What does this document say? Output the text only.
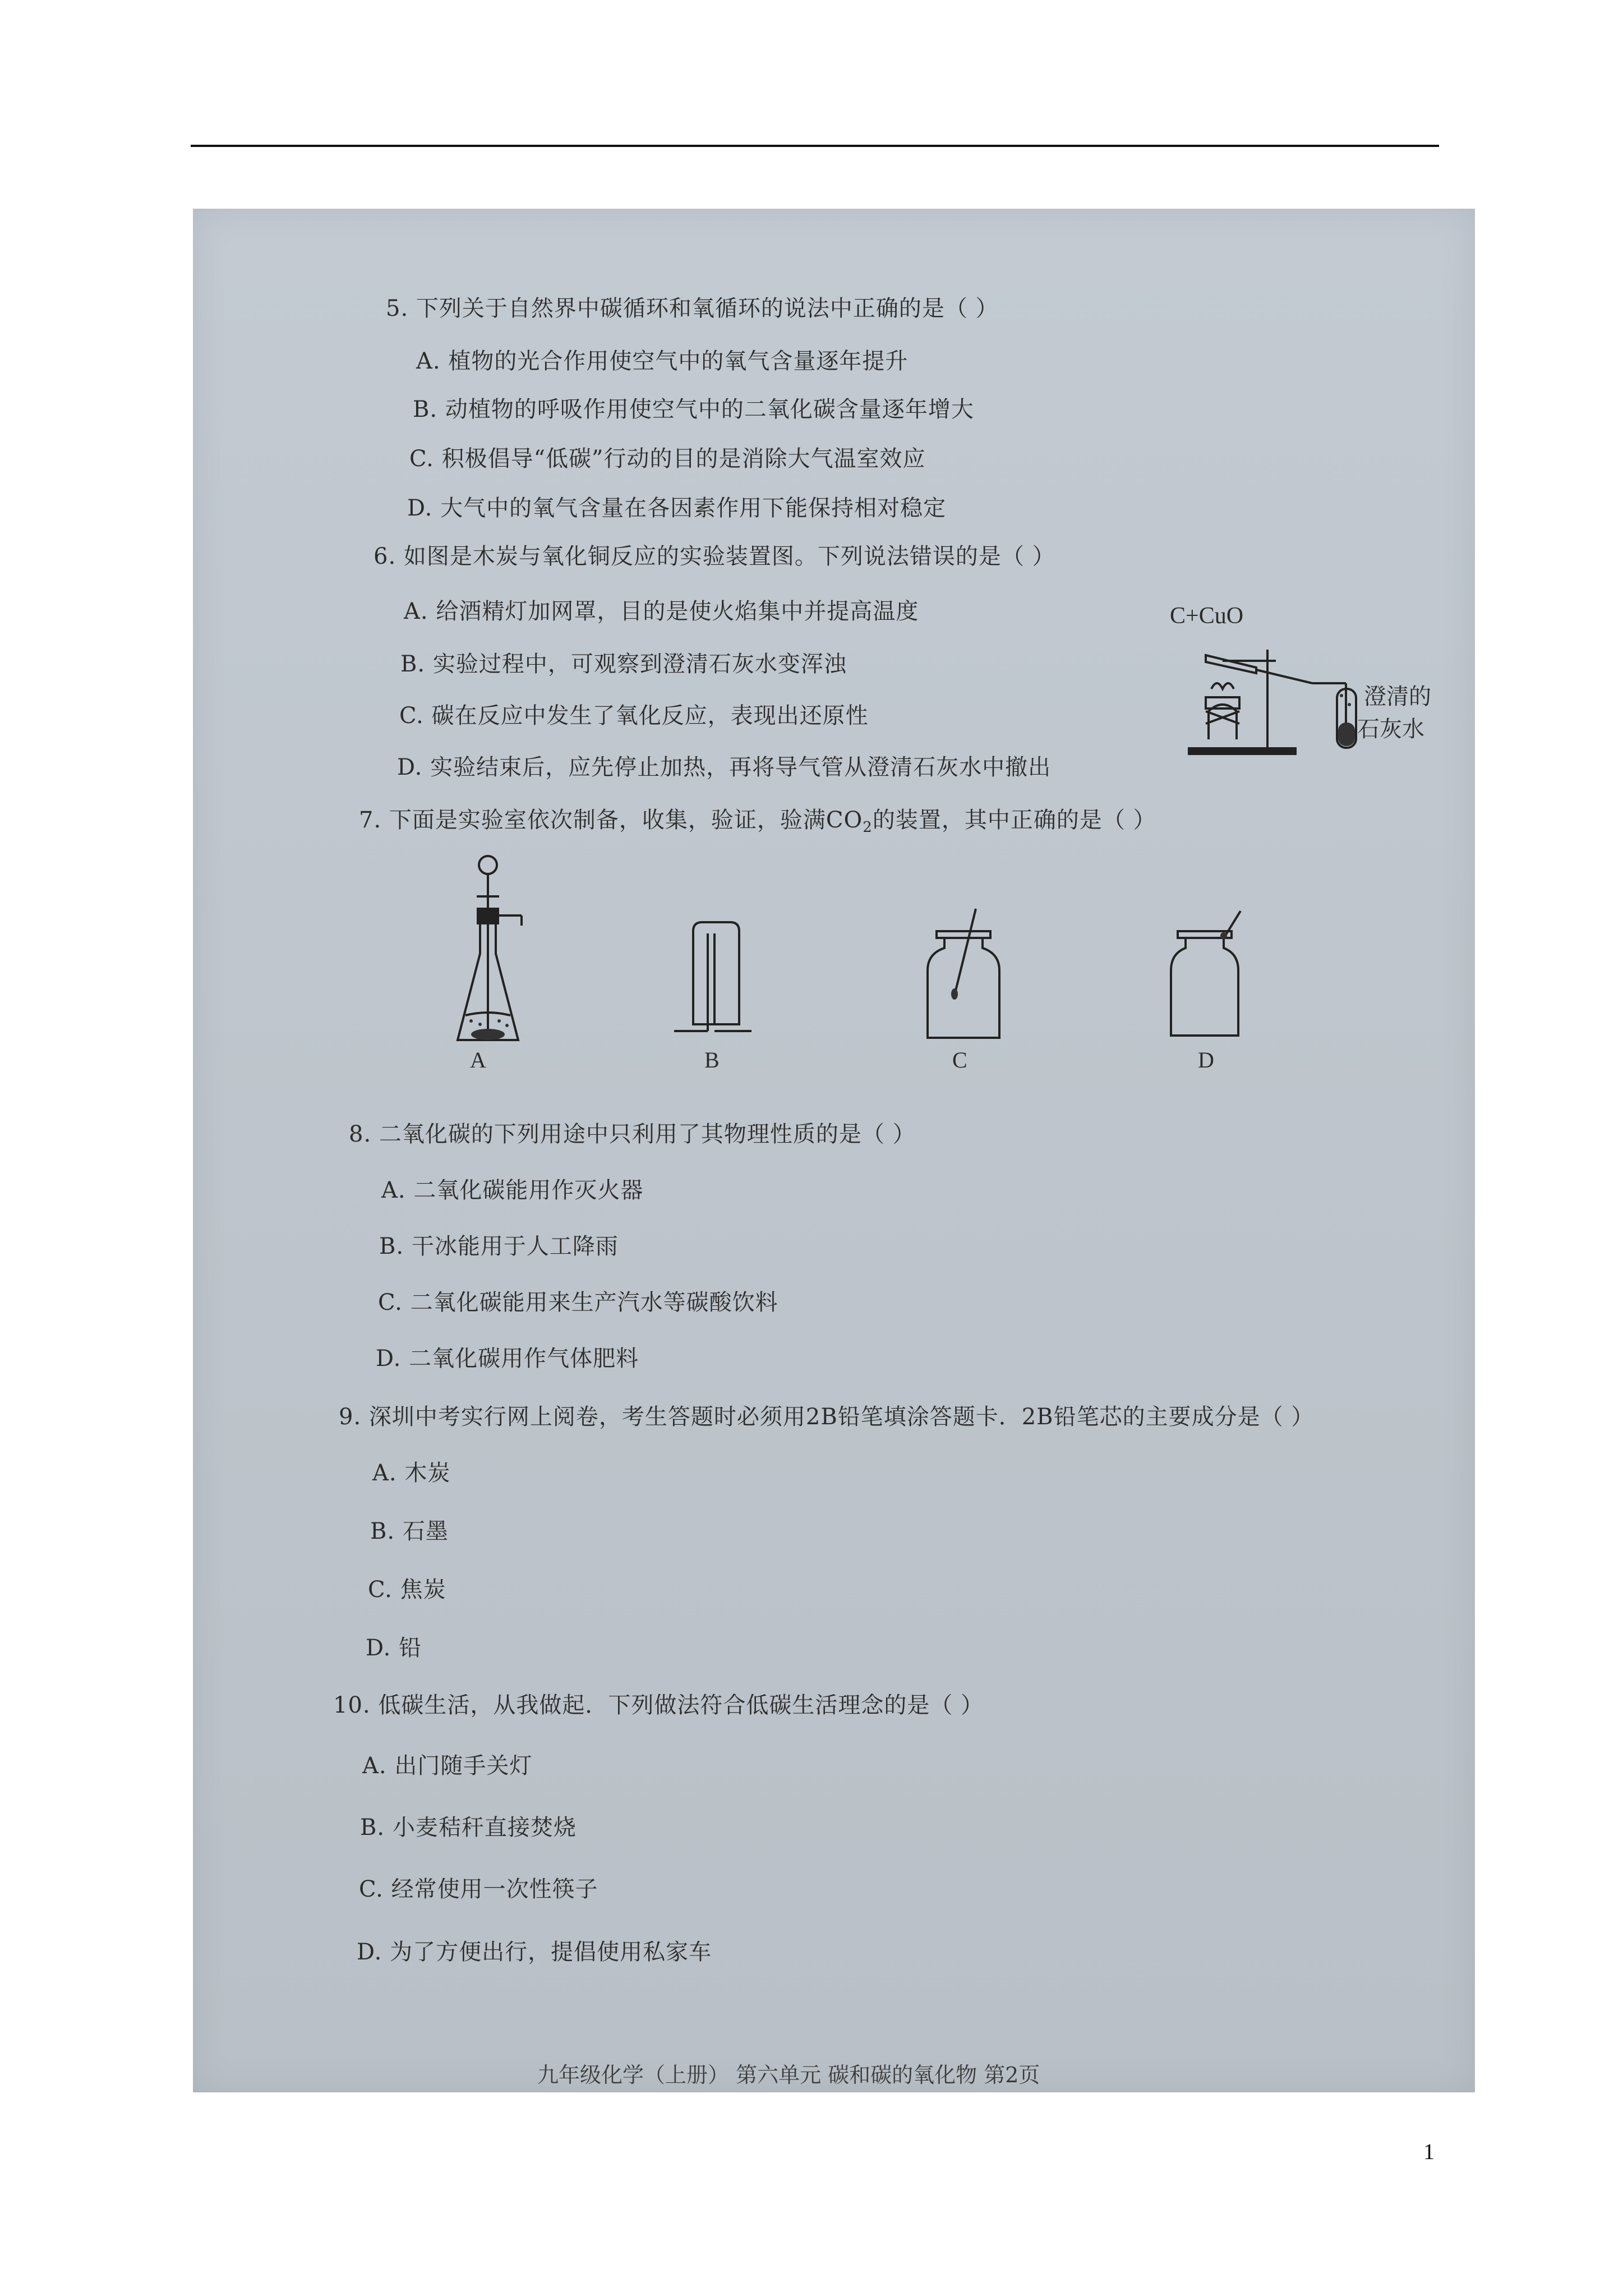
5. 下列关于自然界中碳循环和氧循环的说法中正确的是（ ）
A. 植物的光合作用使空气中的氧气含量逐年提升
B. 动植物的呼吸作用使空气中的二氧化碳含量逐年增大
C. 积极倡导“低碳”行动的目的是消除大气温室效应
D. 大气中的氧气含量在各因素作用下能保持相对稳定
6. 如图是木炭与氧化铜反应的实验装置图。下列说法错误的是（ ）
A. 给酒精灯加网罩，目的是使火焰集中并提高温度
B. 实验过程中，可观察到澄清石灰水变浑浊
C. 碳在反应中发生了氧化反应，表现出还原性
D. 实验结束后，应先停止加热，再将导气管从澄清石灰水中撤出
C+CuO
澄清的
石灰水
7. 下面是实验室依次制备，收集，验证，验满$CO_2$的装置，其中正确的是（ ）
A	B	C	D
8. 二氧化碳的下列用途中只利用了其物理性质的是（ ）
A. 二氧化碳能用作灭火器
B. 干冰能用于人工降雨
C. 二氧化碳能用来生产汽水等碳酸饮料
D. 二氧化碳用作气体肥料
9. 深圳中考实行网上阅卷，考生答题时必须用2B铅笔填涂答题卡．2B铅笔芯的主要成分是（ ）
A. 木炭
B. 石墨
C. 焦炭
D. 铅
10. 低碳生活，从我做起．下列做法符合低碳生活理念的是（ ）
A. 出门随手关灯
B. 小麦秸秆直接焚烧
C. 经常使用一次性筷子
D. 为了方便出行，提倡使用私家车
九年级化学（上册） 第六单元 碳和碳的氧化物 第2页
1
